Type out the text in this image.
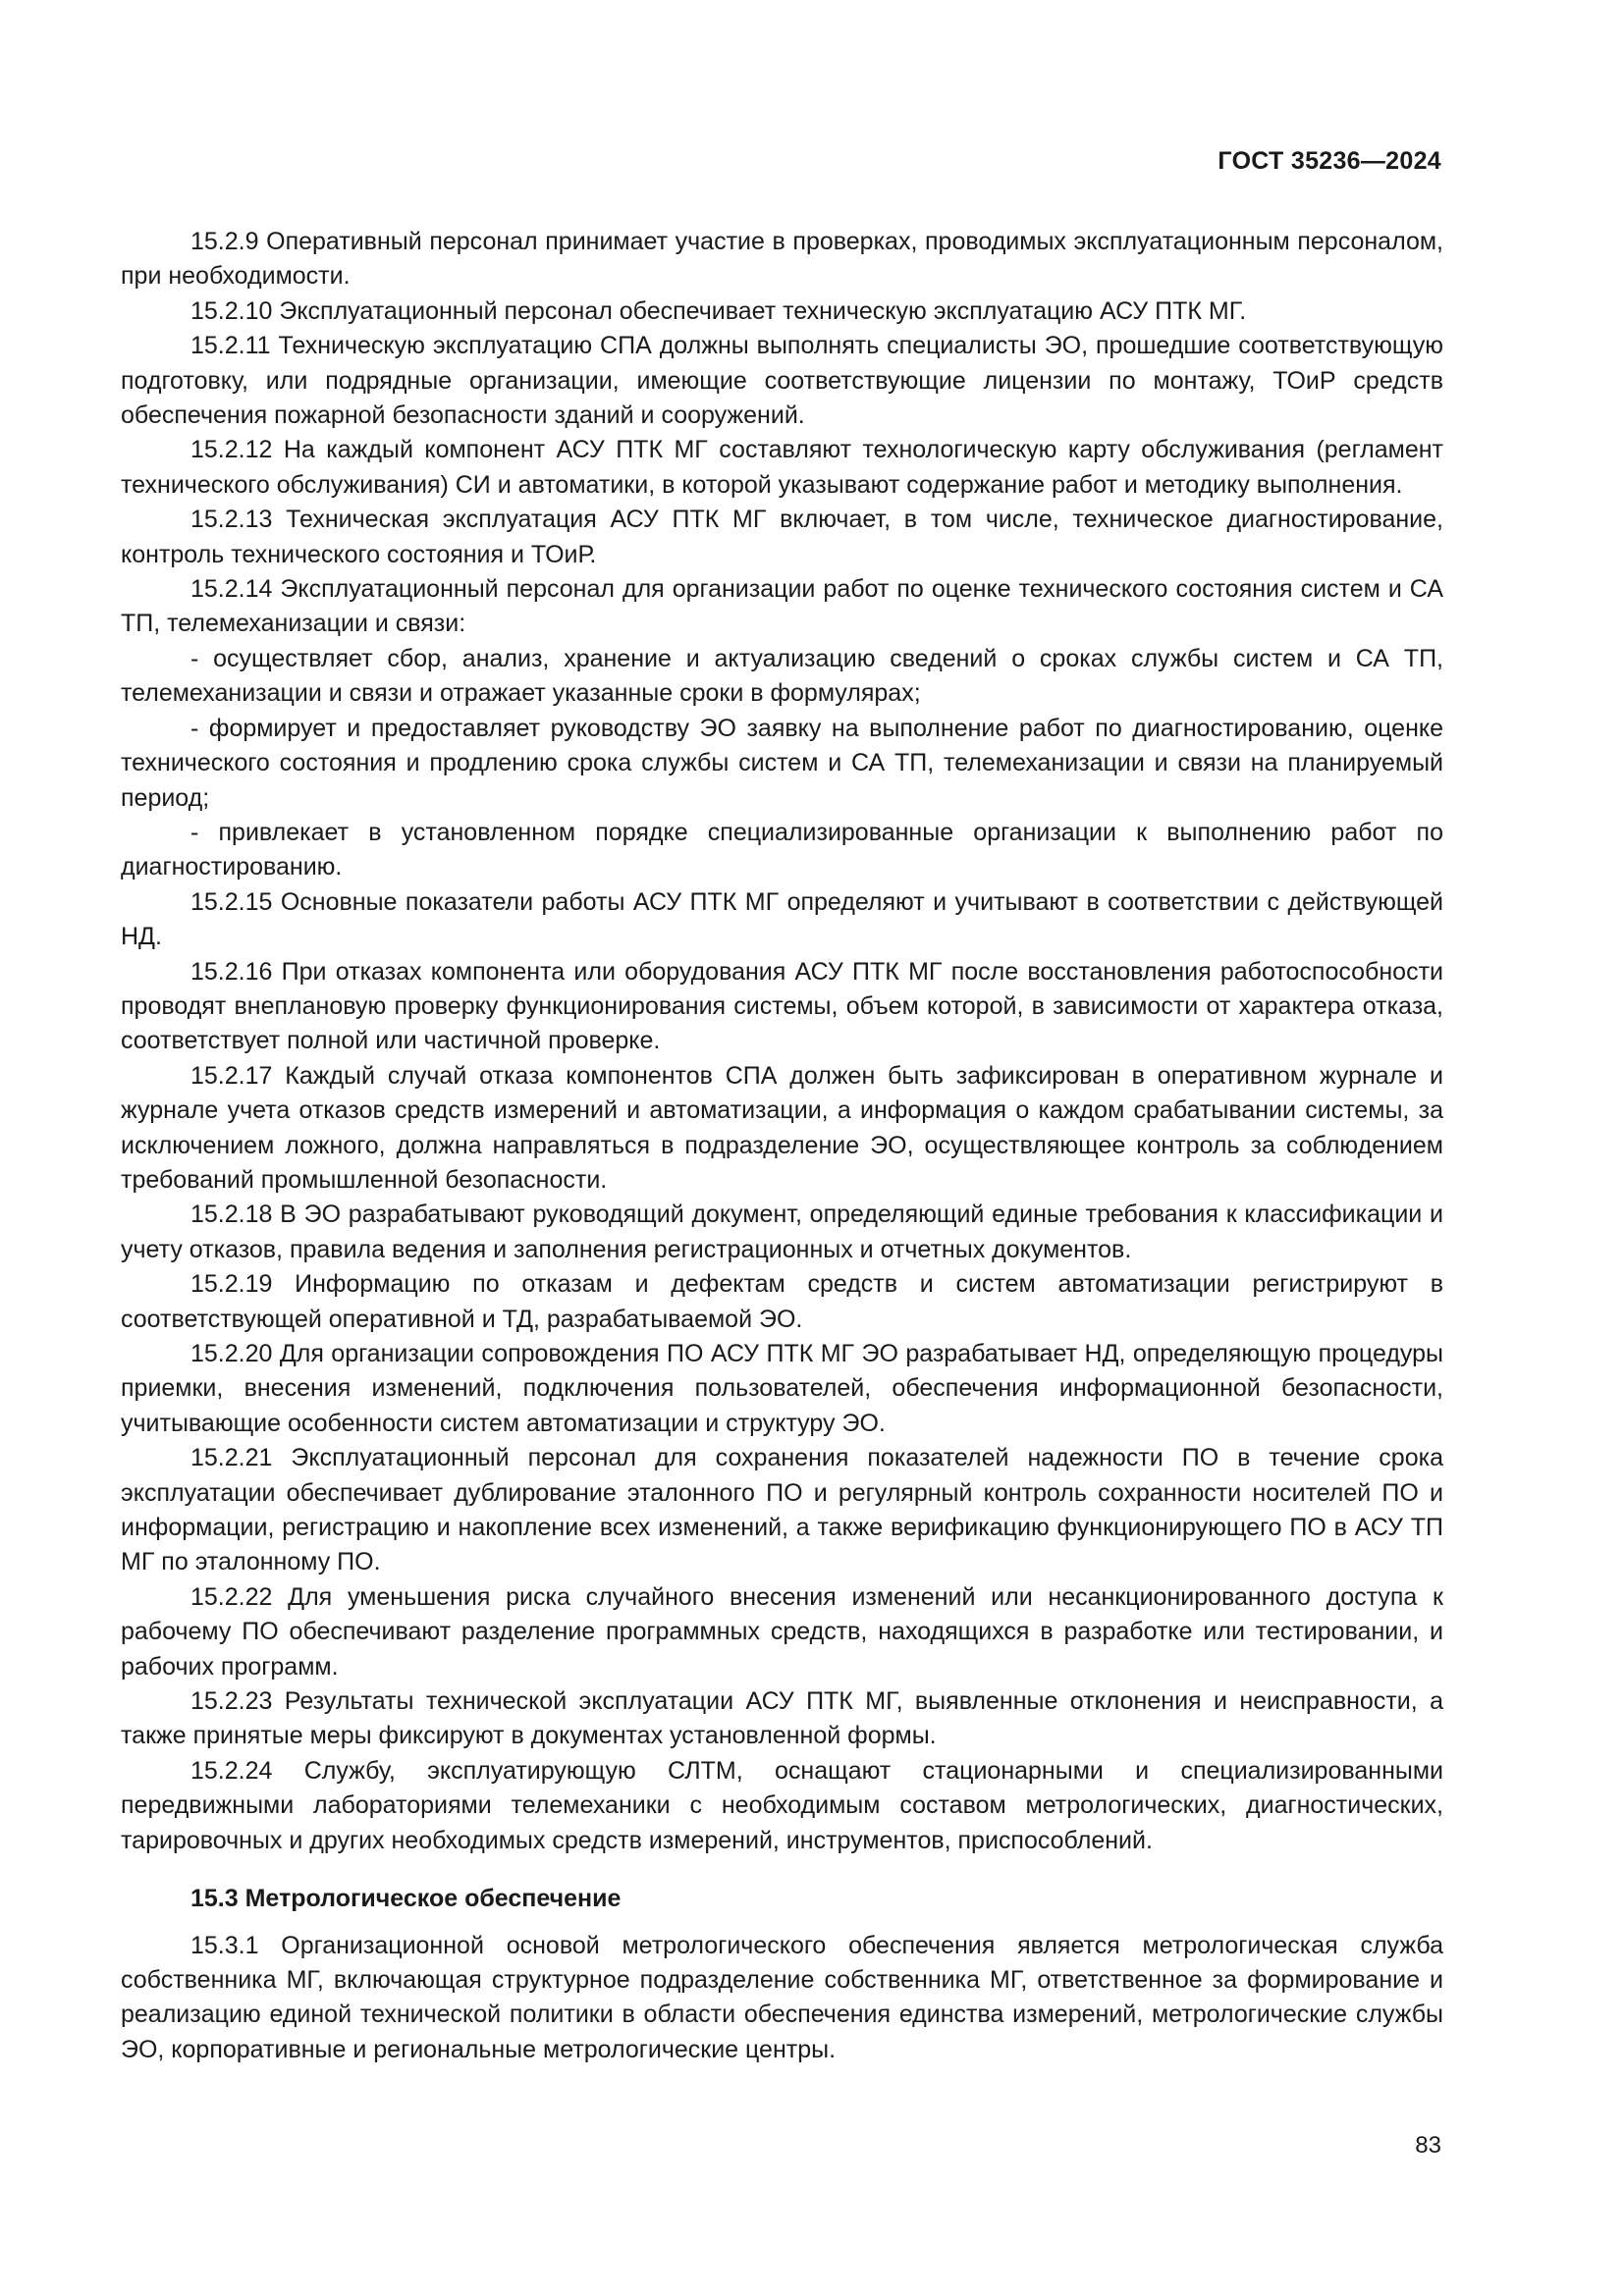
ГОСТ 35236—2024

15.2.9 Оперативный персонал принимает участие в проверках, проводимых эксплуатационным персоналом, при необходимости.

15.2.10 Эксплуатационный персонал обеспечивает техническую эксплуатацию АСУ ПТК МГ.

15.2.11 Техническую эксплуатацию СПА должны выполнять специалисты ЭО, прошедшие соответствующую подготовку, или подрядные организации, имеющие соответствующие лицензии по монтажу, ТОиР средств обеспечения пожарной безопасности зданий и сооружений.

15.2.12 На каждый компонент АСУ ПТК МГ составляют технологическую карту обслуживания (регламент технического обслуживания) СИ и автоматики, в которой указывают содержание работ и методику выполнения.

15.2.13 Техническая эксплуатация АСУ ПТК МГ включает, в том числе, техническое диагностирование, контроль технического состояния и ТОиР.

15.2.14 Эксплуатационный персонал для организации работ по оценке технического состояния систем и СА ТП, телемеханизации и связи:

- осуществляет сбор, анализ, хранение и актуализацию сведений о сроках службы систем и СА ТП, телемеханизации и связи и отражает указанные сроки в формулярах;

- формирует и предоставляет руководству ЭО заявку на выполнение работ по диагностированию, оценке технического состояния и продлению срока службы систем и СА ТП, телемеханизации и связи на планируемый период;

- привлекает в установленном порядке специализированные организации к выполнению работ по диагностированию.

15.2.15 Основные показатели работы АСУ ПТК МГ определяют и учитывают в соответствии с действующей НД.

15.2.16 При отказах компонента или оборудования АСУ ПТК МГ после восстановления работоспособности проводят внеплановую проверку функционирования системы, объем которой, в зависимости от характера отказа, соответствует полной или частичной проверке.

15.2.17 Каждый случай отказа компонентов СПА должен быть зафиксирован в оперативном журнале и журнале учета отказов средств измерений и автоматизации, а информация о каждом срабатывании системы, за исключением ложного, должна направляться в подразделение ЭО, осуществляющее контроль за соблюдением требований промышленной безопасности.

15.2.18 В ЭО разрабатывают руководящий документ, определяющий единые требования к классификации и учету отказов, правила ведения и заполнения регистрационных и отчетных документов.

15.2.19 Информацию по отказам и дефектам средств и систем автоматизации регистрируют в соответствующей оперативной и ТД, разрабатываемой ЭО.

15.2.20 Для организации сопровождения ПО АСУ ПТК МГ ЭО разрабатывает НД, определяющую процедуры приемки, внесения изменений, подключения пользователей, обеспечения информационной безопасности, учитывающие особенности систем автоматизации и структуру ЭО.

15.2.21 Эксплуатационный персонал для сохранения показателей надежности ПО в течение срока эксплуатации обеспечивает дублирование эталонного ПО и регулярный контроль сохранности носителей ПО и информации, регистрацию и накопление всех изменений, а также верификацию функционирующего ПО в АСУ ТП МГ по эталонному ПО.

15.2.22 Для уменьшения риска случайного внесения изменений или несанкционированного доступа к рабочему ПО обеспечивают разделение программных средств, находящихся в разработке или тестировании, и рабочих программ.

15.2.23 Результаты технической эксплуатации АСУ ПТК МГ, выявленные отклонения и неисправности, а также принятые меры фиксируют в документах установленной формы.

15.2.24 Службу, эксплуатирующую СЛТМ, оснащают стационарными и специализированными передвижными лабораториями телемеханики с необходимым составом метрологических, диагностических, тарировочных и других необходимых средств измерений, инструментов, приспособлений.

15.3 Метрологическое обеспечение

15.3.1 Организационной основой метрологического обеспечения является метрологическая служба собственника МГ, включающая структурное подразделение собственника МГ, ответственное за формирование и реализацию единой технической политики в области обеспечения единства измерений, метрологические службы ЭО, корпоративные и региональные метрологические центры.

83
